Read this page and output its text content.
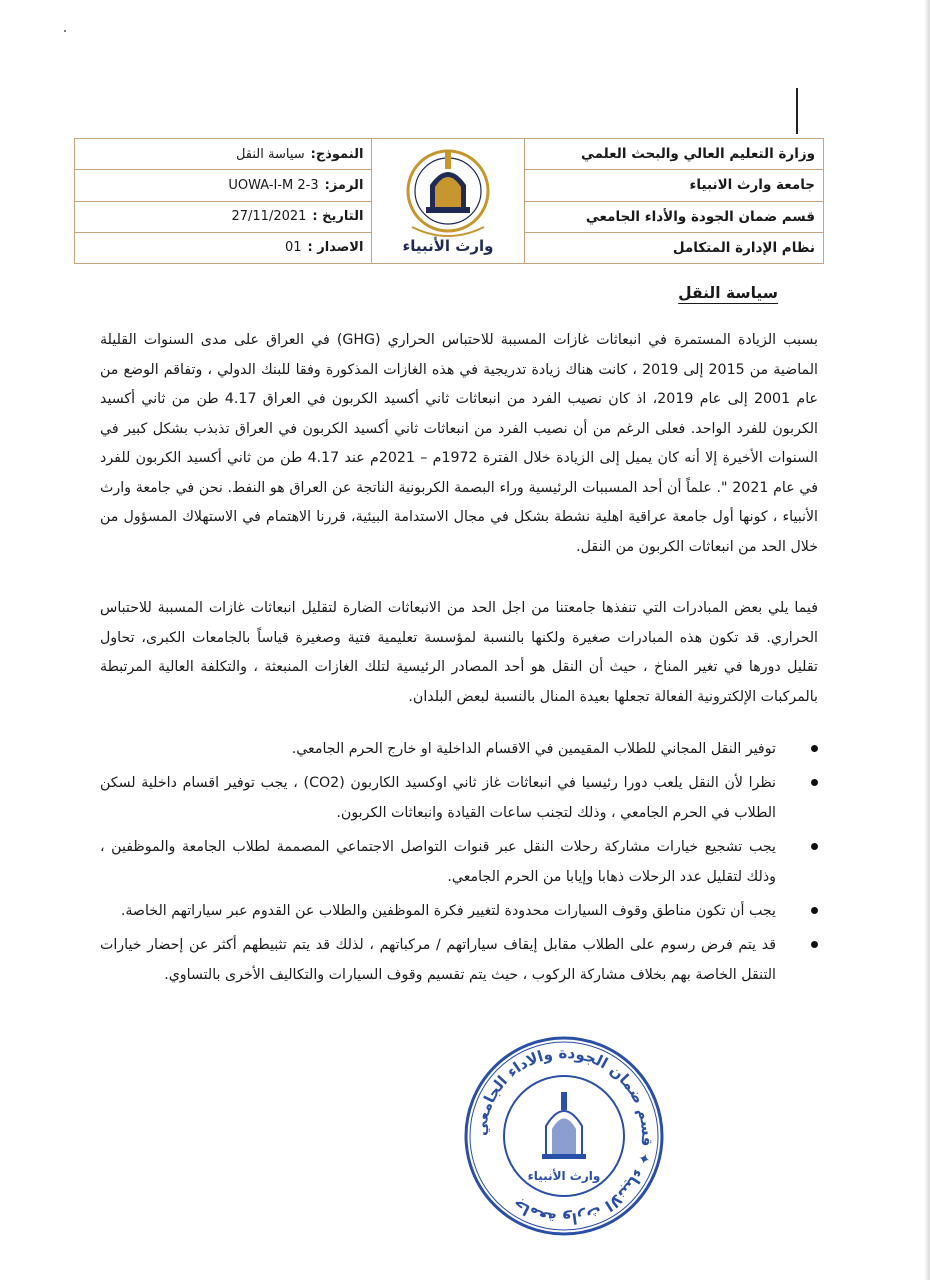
وزارة التعليم العالي والبحث العلمي
جامعة وارث الانبياء
قسم ضمان الجودة والأداء الجامعي
نظام الإدارة المتكامل
وارث الأنبياء
النموذج:
سياسة النقل
الرمز:
UOWA-I-M 2-3
التاريخ :
27/11/2021
الاصدار :
01
سياسة النقل

بسبب الزيادة المستمرة في انبعاثات غازات المسببة للاحتباس الحراري (GHG) في العراق على مدى السنوات القليلة الماضية من 2015 إلى 2019 ، كانت هناك زيادة تدريجية في هذه الغازات المذكورة وفقا للبنك الدولي ، وتفاقم الوضع من عام 2001 إلى عام 2019، اذ كان نصيب الفرد من انبعاثات ثاني أكسيد الكربون في العراق 4.17 طن من ثاني أكسيد الكربون للفرد الواحد. فعلى الرغم من أن نصيب الفرد من انبعاثات ثاني أكسيد الكربون في العراق تذبذب بشكل كبير في السنوات الأخيرة إلا أنه كان يميل إلى الزيادة خلال الفترة 1972م – 2021م عند 4.17 طن من ثاني أكسيد الكربون للفرد في عام 2021 ". علماً أن أحد المسببات الرئيسية وراء البصمة الكربونية الناتجة عن العراق هو النفط. نحن في جامعة وارث الأنبياء ، كونها أول جامعة عراقية اهلية نشطة بشكل في مجال الاستدامة البيئية، قررنا الاهتمام في الاستهلاك المسؤول من خلال الحد من انبعاثات الكربون من النقل.

فيما يلي بعض المبادرات التي تنفذها جامعتنا من اجل الحد من الانبعاثات الضارة لتقليل انبعاثات غازات المسببة للاحتباس الحراري. قد تكون هذه المبادرات صغيرة ولكنها بالنسبة لمؤسسة تعليمية فتية وصغيرة قياساً بالجامعات الكبرى، تحاول تقليل دورها في تغير المناخ ، حيث أن النقل هو أحد المصادر الرئيسية لتلك الغازات المنبعثة ، والتكلفة العالية المرتبطة بالمركبات الإلكترونية الفعالة تجعلها بعيدة المنال بالنسبة لبعض البلدان.

توفير النقل المجاني للطلاب المقيمين في الاقسام الداخلية او خارج الحرم الجامعي.
نظرا لأن النقل يلعب دورا رئيسيا في انبعاثات غاز ثاني اوكسيد الكاربون (CO2) ، يجب توفير اقسام داخلية لسكن الطلاب في الحرم الجامعي ، وذلك لتجنب ساعات القيادة وانبعاثات الكربون.
يجب تشجيع خيارات مشاركة رحلات النقل عبر قنوات التواصل الاجتماعي المصممة لطلاب الجامعة والموظفين ، وذلك لتقليل عدد الرحلات ذهابا وإيابا من الحرم الجامعي.
يجب أن تكون مناطق وقوف السيارات محدودة لتغيير فكرة الموظفين والطلاب عن القدوم عبر سياراتهم الخاصة.
قد يتم فرض رسوم على الطلاب مقابل إيقاف سياراتهم / مركباتهم ، لذلك قد يتم تثبيطهم أكثر عن إحضار خيارات التنقل الخاصة بهم بخلاف مشاركة الركوب ، حيث يتم تقسيم وقوف السيارات والتكاليف الأخرى بالتساوي.
جامعة وارث الانبياء ✦ قسم ضمان الجودة والاداء الجامعي
وارث الأنبياء
